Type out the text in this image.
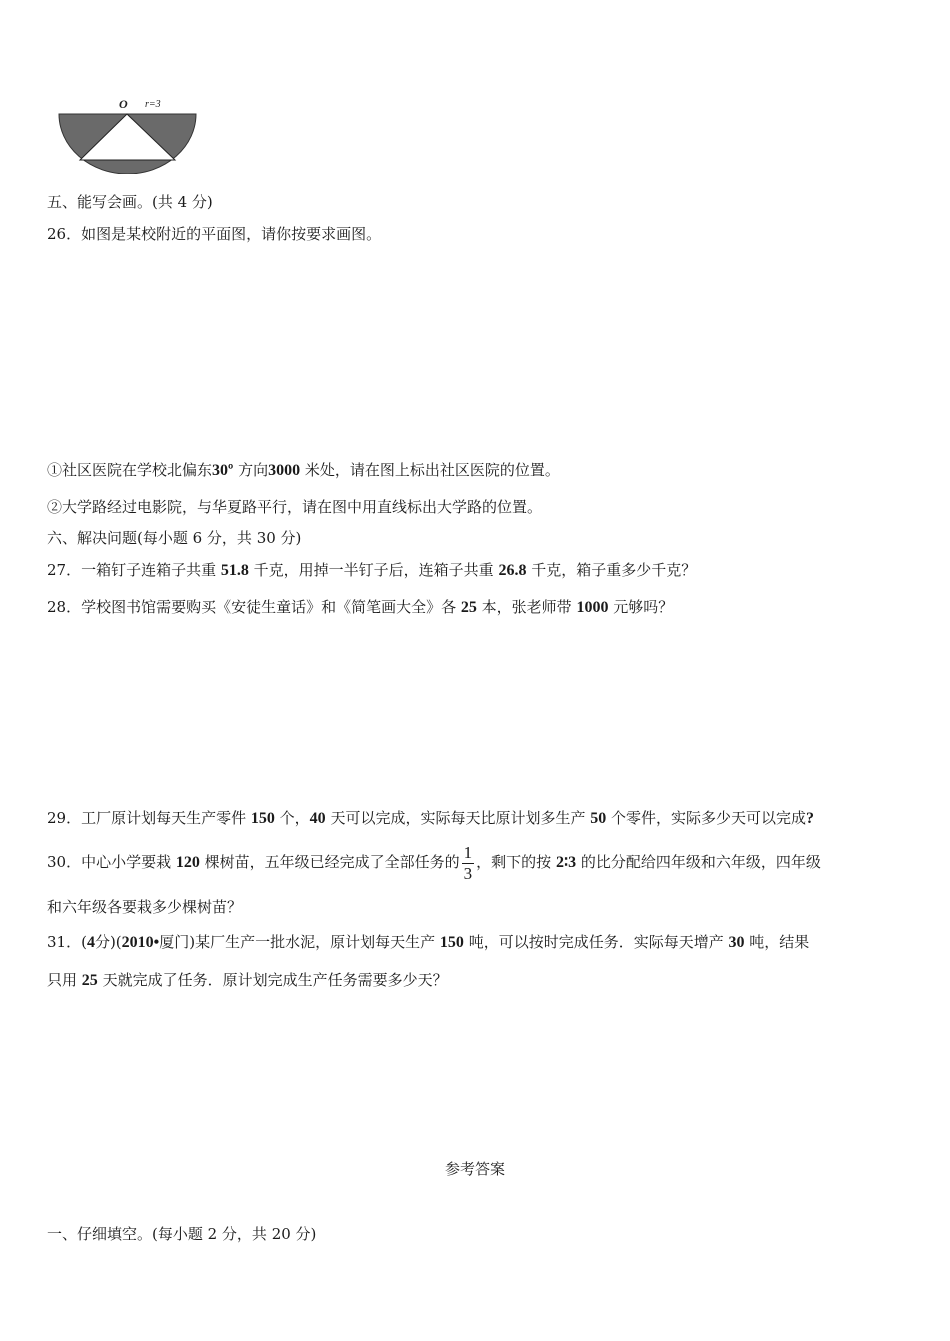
O r=3
五、能写会画。(共 4 分)
26．如图是某校附近的平面图，请你按要求画图。
①社区医院在学校北偏东30º 方向3000 米处，请在图上标出社区医院的位置。
②大学路经过电影院，与华夏路平行，请在图中用直线标出大学路的位置。
六、解决问题(每小题 6 分，共 30 分)
27．一箱钉子连箱子共重 51.8 千克，用掉一半钉子后，连箱子共重 26.8 千克，箱子重多少千克？
28．学校图书馆需要购买《安徒生童话》和《简笔画大全》各 25 本，张老师带 1000 元够吗？
29．工厂原计划每天生产零件 150 个，40 天可以完成，实际每天比原计划多生产 50 个零件，实际多少天可以完成?
30．中心小学要栽 120 棵树苗，五年级已经完成了全部任务的 $\frac{1}{3}$ ，剩下的按 2∶3 的比分配给四年级和六年级，四年级
和六年级各要栽多少棵树苗？
31．(4分)(2010•厦门)某厂生产一批水泥，原计划每天生产 150 吨，可以按时完成任务．实际每天增产 30 吨，结果
只用 25 天就完成了任务．原计划完成生产任务需要多少天？
参考答案
一、仔细填空。(每小题 2 分，共 20 分)
